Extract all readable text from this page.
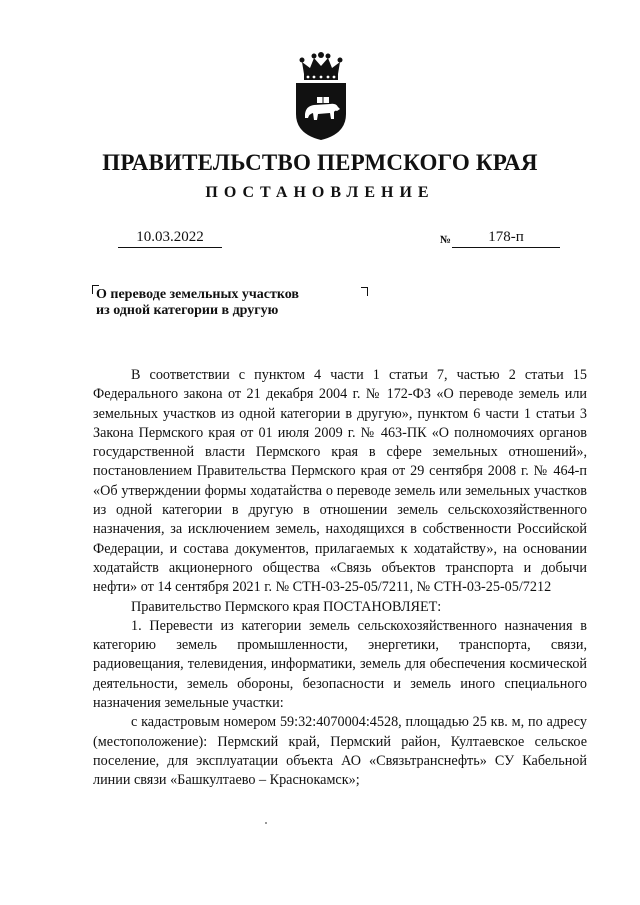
ПРАВИТЕЛЬСТВО ПЕРМСКОГО КРАЯ
ПОСТАНОВЛЕНИЕ
10.03.2022	№	178-п

О переводе земельных участков
из одной категории в другую

В соответствии с пунктом 4 части 1 статьи 7, частью 2 статьи 15 Федерального закона от 21 декабря 2004 г. № 172-ФЗ «О переводе земель или земельных участков из одной категории в другую», пунктом 6 части 1 статьи 3 Закона Пермского края от 01 июля 2009 г. № 463-ПК «О полномочиях органов государственной власти Пермского края в сфере земельных отношений», постановлением Правительства Пермского края от 29 сентября 2008 г. № 464-п «Об утверждении формы ходатайства о переводе земель или земельных участков из одной категории в другую в отношении земель сельскохозяйственного назначения, за исключением земель, находящихся в собственности Российской Федерации, и состава документов, прилагаемых к ходатайству», на основании ходатайств акционерного общества «Связь объектов транспорта и добычи нефти» от 14 сентября 2021 г. № СТН-03-25-05/7211, № СТН-03-25-05/7212

Правительство Пермского края ПОСТАНОВЛЯЕТ:

1. Перевести из категории земель сельскохозяйственного назначения в категорию земель промышленности, энергетики, транспорта, связи, радиовещания, телевидения, информатики, земель для обеспечения космической деятельности, земель обороны, безопасности и земель иного специального назначения земельные участки:

с кадастровым номером 59:32:4070004:4528, площадью 25 кв. м, по адресу (местоположение): Пермский край, Пермский район, Култаевское сельское поселение, для эксплуатации объекта АО «Связьтранснефть» СУ Кабельной линии связи «Башкултаево – Краснокамск»;
